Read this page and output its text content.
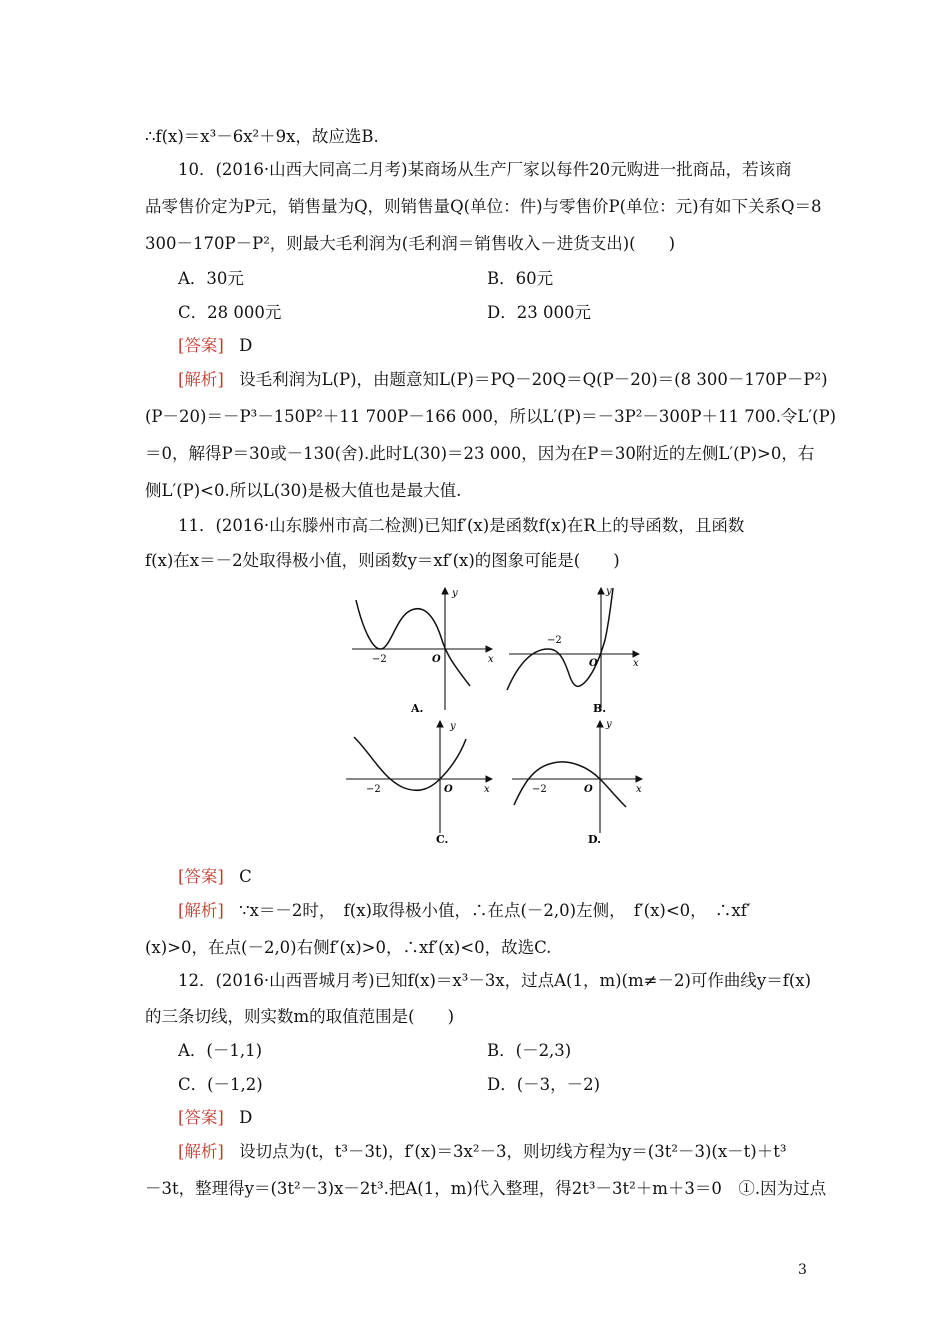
∴f(x)＝x³－6x²＋9x，故应选B.
10．(2016·山西大同高二月考)某商场从生产厂家以每件20元购进一批商品，若该商
品零售价定为P元，销售量为Q，则销售量Q(单位：件)与零售价P(单位：元)有如下关系Q＝8
300－170P－P²，则最大毛利润为(毛利润＝销售收入－进货支出)(　　)
A．30元	B．60元
C．28 000元	D．23 000元
[答案] D
[解析] 设毛利润为L(P)，由题意知L(P)＝PQ－20Q＝Q(P－20)＝(8 300－170P－P²)
(P－20)＝－P³－150P²＋11 700P－166 000，所以L′(P)＝－3P²－300P＋11 700.令L′(P)
＝0，解得P＝30或－130(舍).此时L(30)＝23 000，因为在P＝30附近的左侧L′(P)>0，右
侧L′(P)<0.所以L(30)是极大值也是最大值.
11．(2016·山东滕州市高二检测)已知f′(x)是函数f(x)在R上的导函数，且函数
f(x)在x＝－2处取得极小值，则函数y＝xf′(x)的图象可能是(　　)
y
x
O
−2
A.
y
x
O
−2
B.
y
x
O
−2
C.
y
x
O
−2
D.
[答案] C
[解析] ∵x＝－2时，　f(x)取得极小值，∴在点(－2,0)左侧，　f′(x)<0，　∴xf′
(x)>0，在点(－2,0)右侧f′(x)>0，∴xf′(x)<0，故选C.
12．(2016·山西晋城月考)已知f(x)＝x³－3x，过点A(1，m)(m≠－2)可作曲线y＝f(x)
的三条切线，则实数m的取值范围是(　　)
A．(－1,1)	B．(－2,3)
C．(－1,2)	D．(－3，－2)
[答案] D
[解析] 设切点为(t，t³－3t)，f′(x)＝3x²－3，则切线方程为y＝(3t²－3)(x－t)＋t³
－3t，整理得y＝(3t²－3)x－2t³.把A(1，m)代入整理，得2t³－3t²＋m＋3＝0　①.因为过点
3
